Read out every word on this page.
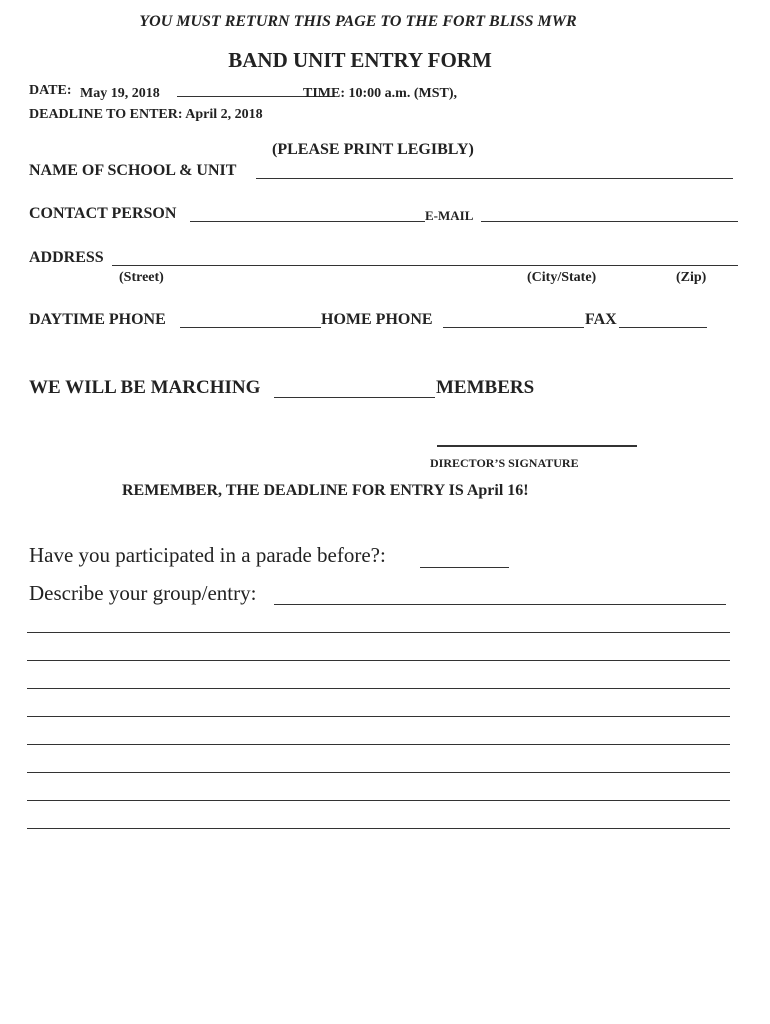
YOU MUST RETURN THIS PAGE TO THE FORT BLISS MWR
BAND UNIT ENTRY FORM
DATE: May 19, 2018	TIME: 10:00 a.m. (MST),
DEADLINE TO ENTER: April 2, 2018
(PLEASE PRINT LEGIBLY)
NAME OF SCHOOL & UNIT
CONTACT PERSON	E-MAIL
ADDRESS
(Street)	(City/State)	(Zip)
DAYTIME PHONE	HOME PHONE	FAX
WE WILL BE MARCHING	MEMBERS
DIRECTOR’S SIGNATURE
REMEMBER, THE DEADLINE FOR ENTRY IS April 16!
Have you participated in a parade before?:
Describe your group/entry:
